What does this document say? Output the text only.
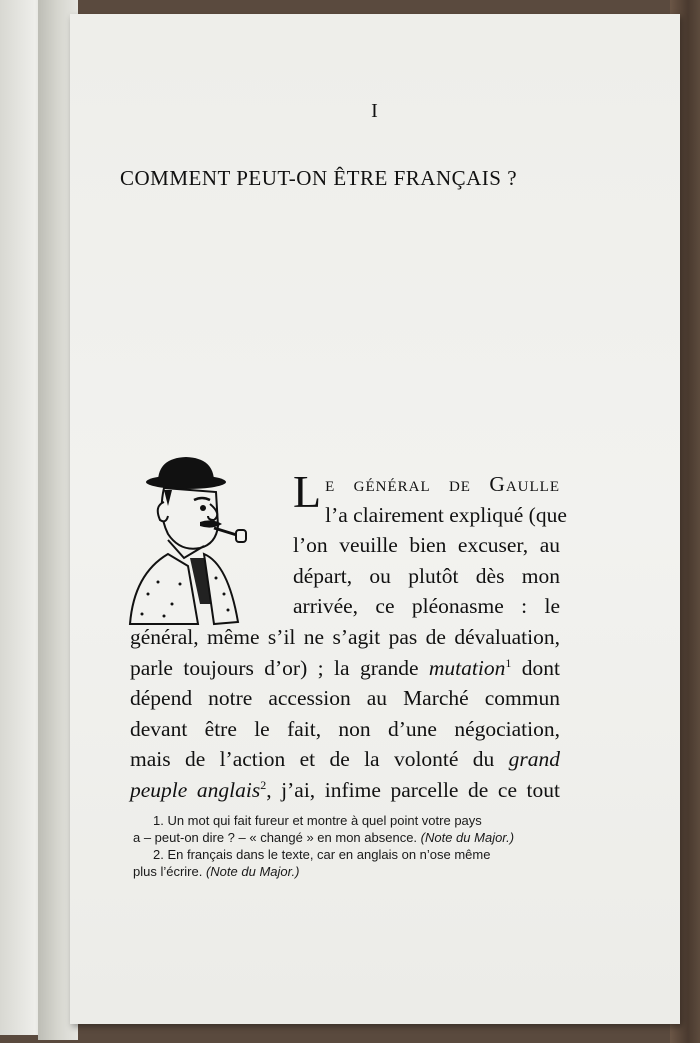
I
COMMENT PEUT-ON ÊTRE FRANÇAIS ?
Le général de Gaulle
l’a clairement expliqué (que
l’on veuille bien excuser, au
départ, ou plutôt dès mon
arrivée, ce pléonasme : le
général, même s’il ne s’agit pas de dévaluation,
parle toujours d’or) ; la grande mutation$^1$ dont
dépend notre accession au Marché commun
devant être le fait, non d’une négociation,
mais de l’action et de la volonté du grand
peuple anglais$^2$, j’ai, infime parcelle de ce tout
1. Un mot qui fait fureur et montre à quel point votre pays
a – peut-on dire ? – « changé » en mon absence. (Note du Major.)
2. En français dans le texte, car en anglais on n’ose même
plus l’écrire. (Note du Major.)
